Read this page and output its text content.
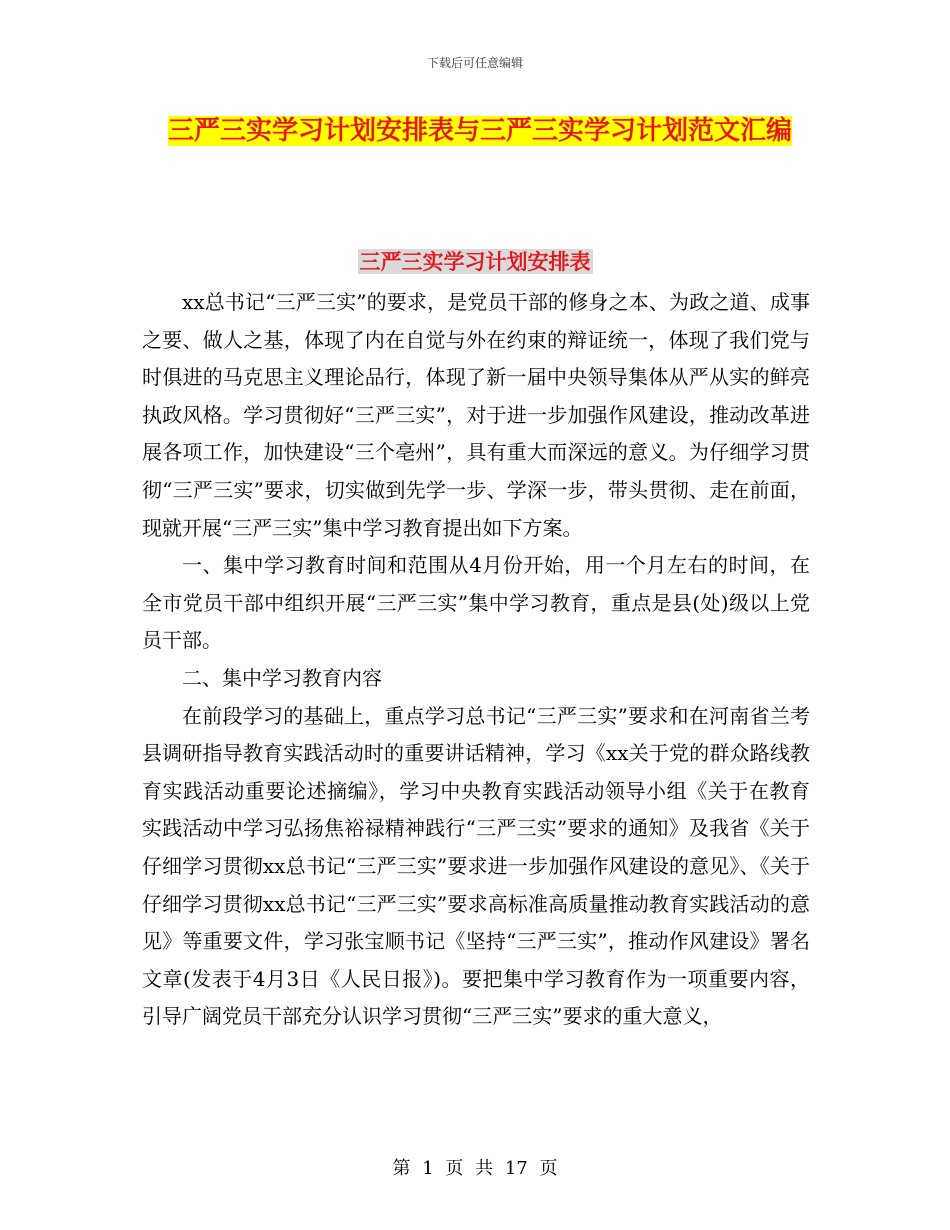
下载后可任意编辑
三严三实学习计划安排表与三严三实学习计划范文汇编
三严三实学习计划安排表

xx总书记“三严三实”的要求，是党员干部的修身之本、为政之道、成事之要、做人之基，体现了内在自觉与外在约束的辩证统一，体现了我们党与时俱进的马克思主义理论品行，体现了新一届中央领导集体从严从实的鲜亮执政风格。学习贯彻好“三严三实”，对于进一步加强作风建设，推动改革进展各项工作，加快建设“三个亳州”，具有重大而深远的意义。为仔细学习贯彻“三严三实”要求，切实做到先学一步、学深一步，带头贯彻、走在前面，现就开展“三严三实”集中学习教育提出如下方案。

一、集中学习教育时间和范围从4月份开始，用一个月左右的时间，在全市党员干部中组织开展“三严三实”集中学习教育，重点是县(处)级以上党员干部。

二、集中学习教育内容

在前段学习的基础上，重点学习总书记“三严三实”要求和在河南省兰考县调研指导教育实践活动时的重要讲话精神，学习《xx关于党的群众路线教育实践活动重要论述摘编》，学习中央教育实践活动领导小组《关于在教育实践活动中学习弘扬焦裕禄精神践行“三严三实”要求的通知》及我省《关于仔细学习贯彻xx总书记“三严三实”要求进一步加强作风建设的意见》、《关于仔细学习贯彻xx总书记“三严三实”要求高标准高质量推动教育实践活动的意见》等重要文件，学习张宝顺书记《坚持“三严三实”，推动作风建设》署名文章(发表于4月3日《人民日报》)。要把集中学习教育作为一项重要内容，引导广阔党员干部充分认识学习贯彻“三严三实”要求的重大意义，

第 1 页 共 17 页
